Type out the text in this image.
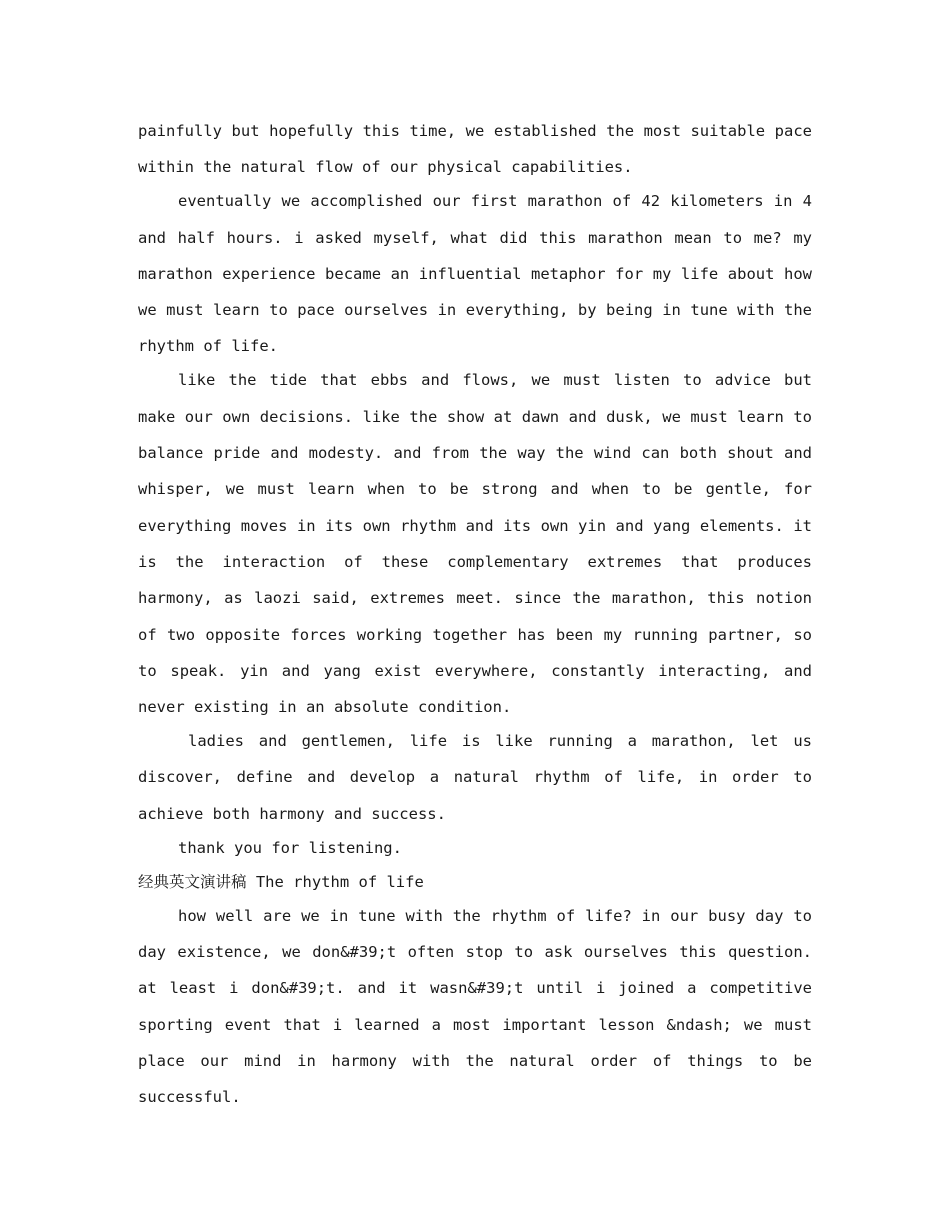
painfully but hopefully this time, we established the most suitable pace within the natural flow of our physical capabilities.

eventually we accomplished our first marathon of 42 kilometers in 4 and half hours. i asked myself, what did this marathon mean to me? my marathon experience became an influential metaphor for my life about how we must learn to pace ourselves in everything, by being in tune with the rhythm of life.

like the tide that ebbs and flows, we must listen to advice but make our own decisions. like the show at dawn and dusk, we must learn to balance pride and modesty. and from the way the wind can both shout and whisper, we must learn when to be strong and when to be gentle, for everything moves in its own rhythm and its own yin and yang elements. it is the interaction of these complementary extremes that produces harmony, as laozi said, extremes meet. since the marathon, this notion of two opposite forces working together has been my running partner, so to speak. yin and yang exist everywhere, constantly interacting, and never existing in an absolute condition.

ladies and gentlemen, life is like running a marathon, let us discover, define and develop a natural rhythm of life, in order to achieve both harmony and success.

thank you for listening.

经典英文演讲稿 The rhythm of life

how well are we in tune with the rhythm of life? in our busy day to day existence, we don&#39;t often stop to ask ourselves this question. at least i don&#39;t. and it wasn&#39;t until i joined a competitive sporting event that i learned a most important lesson &ndash; we must place our mind in harmony with the natural order of things to be successful.
